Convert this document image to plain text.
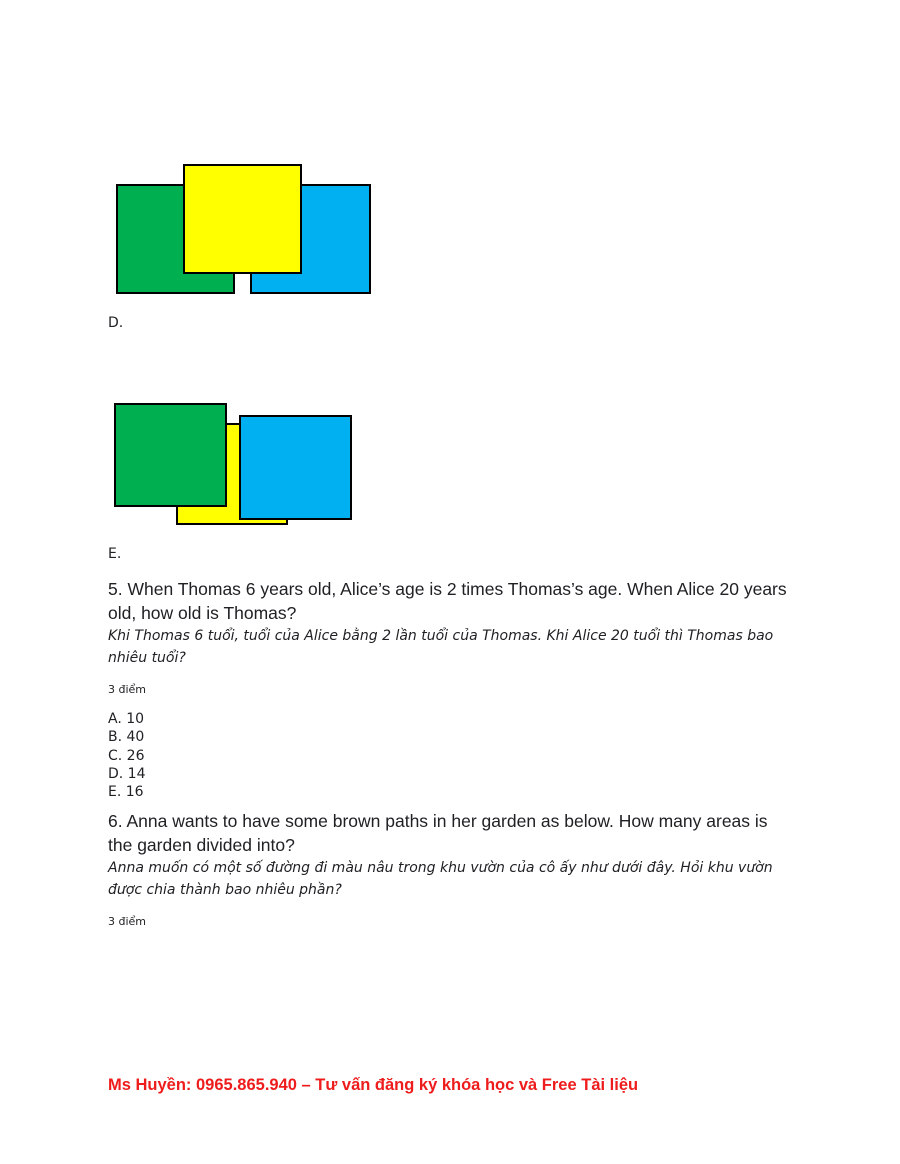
D.
E.

5. When Thomas 6 years old, Alice’s age is 2 times Thomas’s age. When Alice 20 years old, how old is Thomas?

Khi Thomas 6 tuổi, tuổi của Alice bằng 2 lần tuổi của Thomas. Khi Alice 20 tuổi thì Thomas bao nhiêu tuổi?

3 điểm
A. 10
B. 40
C. 26
D. 14
E. 16

6. Anna wants to have some brown paths in her garden as below. How many areas is the garden divided into?

Anna muốn có một số đường đi màu nâu trong khu vườn của cô ấy như dưới đây. Hỏi khu vườn được chia thành bao nhiêu phần?

3 điểm
Ms Huyền: 0965.865.940 – Tư vấn đăng ký khóa học và Free Tài liệu
